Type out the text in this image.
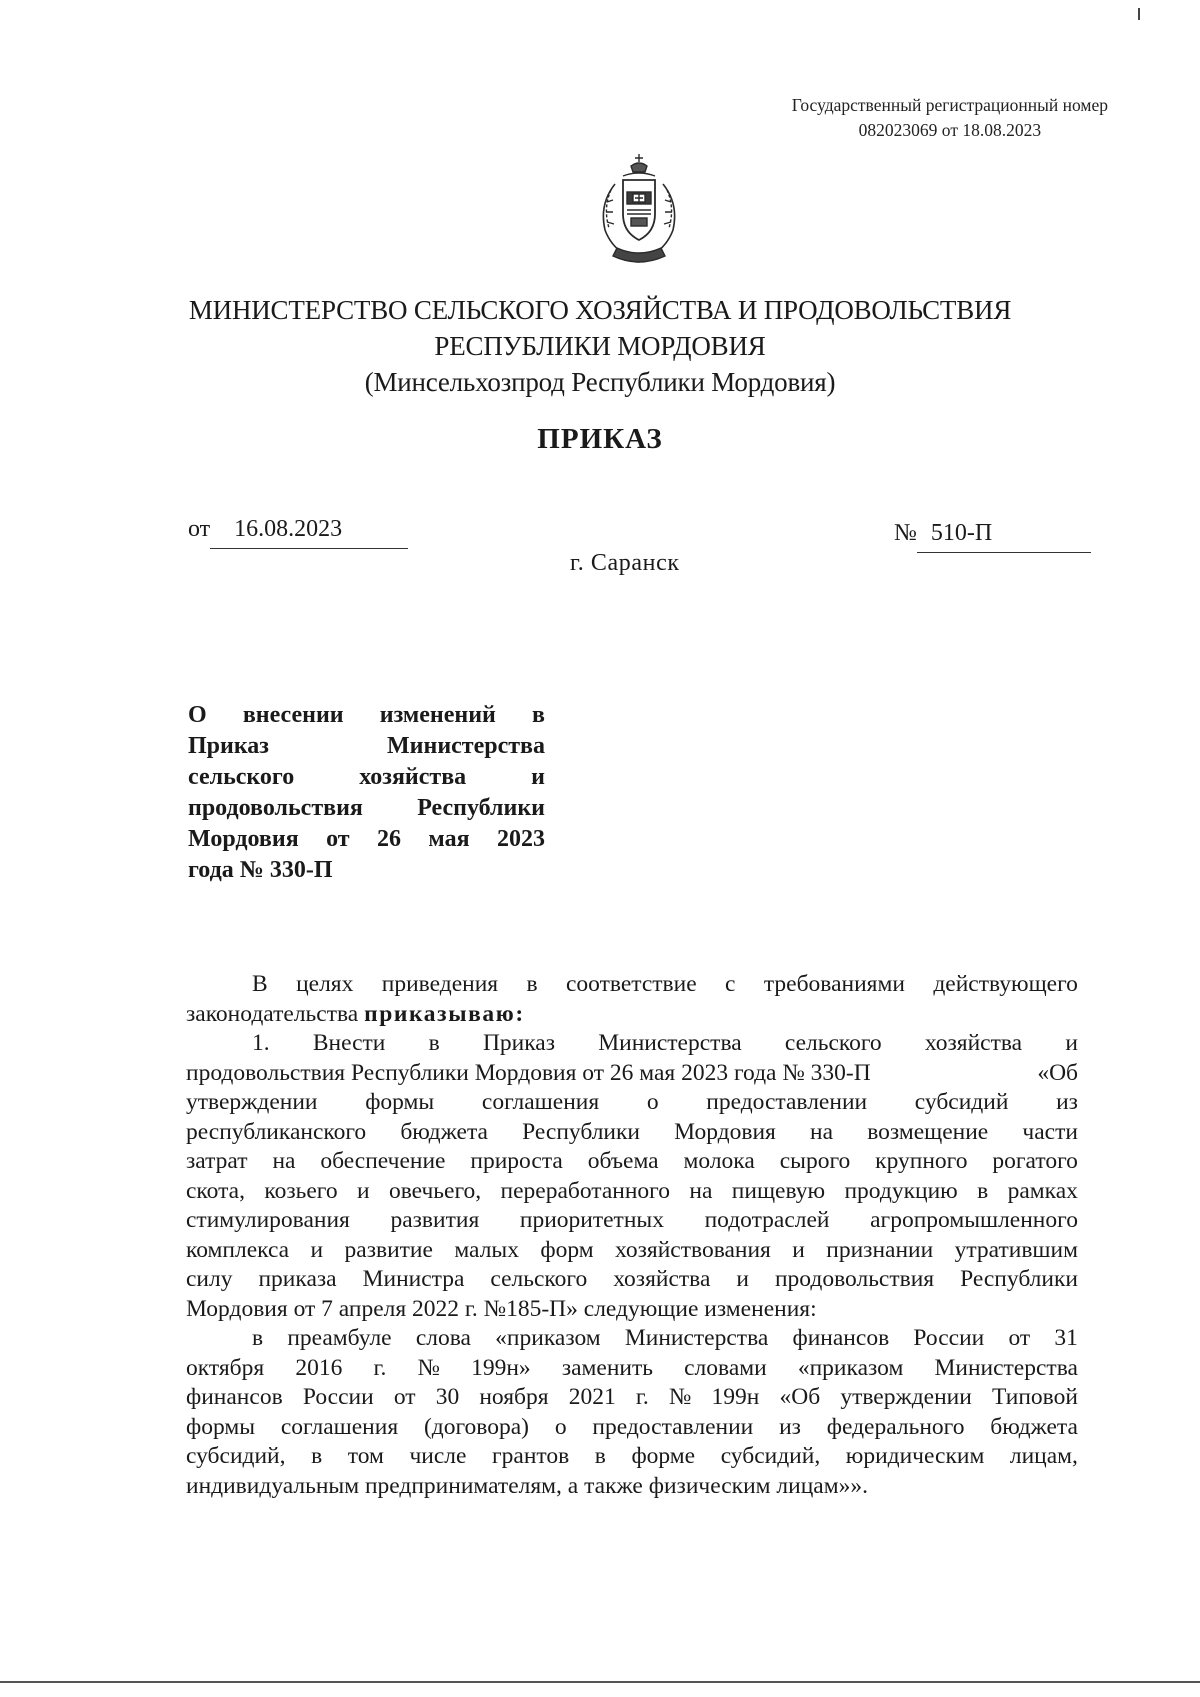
Государственный регистрационный номер
082023069 от 18.08.2023
МИНИСТЕРСТВО СЕЛЬСКОГО ХОЗЯЙСТВА И ПРОДОВОЛЬСТВИЯ
РЕСПУБЛИКИ МОРДОВИЯ
(Минсельхозпрод Республики Мордовия)
ПРИКАЗ
от 16.08.2023	№ 510-П
г. Саранск
О внесении изменений в
Приказ	Министерства
сельского	хозяйства	и
продовольствия Республики
Мордовия от 26 мая 2023
года № 330-П
В целях приведения в соответствие с требованиями действующего
законодательства
приказываю:
1. Внести в Приказ Министерства сельского хозяйства и
продовольствия Республики Мордовия от 26 мая 2023 года № 330-П	«Об
утверждении формы соглашения о предоставлении субсидий из
республиканского бюджета Республики Мордовия на возмещение части
затрат на обеспечение прироста объема молока сырого крупного рогатого
скота, козьего и овечьего, переработанного на пищевую продукцию в рамках
стимулирования развития приоритетных подотраслей агропромышленного
комплекса и развитие малых форм хозяйствования и признании утратившим
силу приказа Министра сельского хозяйства и продовольствия Республики
Мордовия от 7 апреля 2022 г. №185-П» следующие изменения:
в преамбуле слова «приказом Министерства финансов России от 31
октября 2016 г. № 199н» заменить словами «приказом Министерства
финансов России от 30 ноября 2021 г. № 199н «Об утверждении Типовой
формы соглашения (договора) о предоставлении из федерального бюджета
субсидий, в том числе грантов в форме субсидий, юридическим лицам,
индивидуальным предпринимателям, а также физическим лицам»».
